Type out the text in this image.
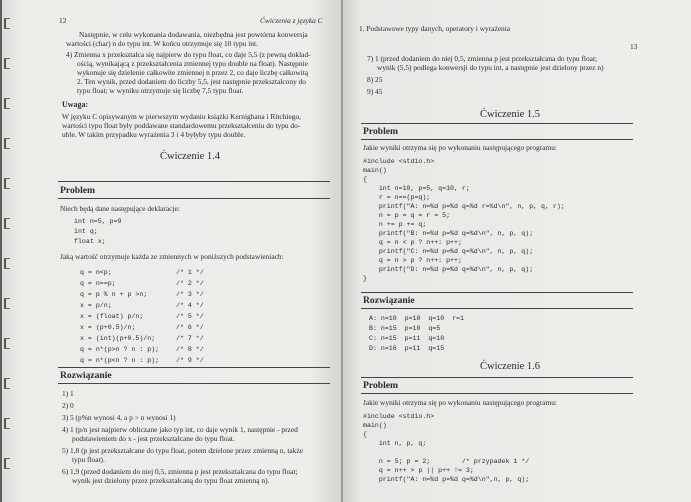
12	Ćwiczenia z języka C
Następnie, w celu wykonania dodawania, niezbędna jest powtórna konwersja
wartości (char) n do typu int. W końcu otrzymuje się 10 typu int.
4) Zmienna x przekształca się najpierw do typu float, co daje 5,5 (z pewną doklad-
ością, wynikającą z przekształcenia zmiennej typu double na float). Następnie
wykonuje się dzielenie całkowite zmiennej n przez 2, co daje liczbę całkowitą
2. Ten wynik, przed dodaniem do liczby 5,5, jest następnie przekształcony do
typu float; w wyniku otrzymuje się liczbę 7,5 typu float.
Uwaga:
W języku C opisywanym w pierwszym wydaniu książki Kernighana i Ritchiego,
wartości typu float były poddawane standardowemu przekształceniu do typu do-
uble. W takim przypadku wyrażenia 3 i 4 byłyby typu double.
Ćwiczenie 1.4
Problem
Niech będą dane następujące deklaracje:
int n=5, p=9
int q;
float x;
Jaką wartość otrzymuje każda ze zmiennych w poniższych podstawieniach:
q = n<p;	/* 1 */
q = n==p;	/* 2 */
q = p % n + p >n;	/* 3 */
x = p/n;	/* 4 */
x = (float) p/n;	/* 5 */
x = (p+0.5)/n;	/* 6 */
x = (int)(p+0.5)/n;	/* 7 */
q = n*(p>n ? n : p);	/* 8 */
q = n*(p<n ? n : p);	/* 9 */
Rozwiązanie
1) 1
2) 0
3) 5 (p%n wynosi 4, a p > n wynosi 1)
4) 1 (p/n jest najpierw obliczane jako typ int, co daje wynik 1, następnie - przed
podstawieniem do x - jest przekształcane do typu float.
5) 1,8 (p jest przekształcane do typu float, potem dzielone przez zmienną n, także
typu float).
6) 1,9 (przed dodaniem do niej 0,5, zmienna p jest przekształcana do typu float;
wynik jest dzielony przez przekształcaną do typu float zmienną n).
1. Podstawowe typy danych, operatory i wyrażenia
13
7) 1 (przed dodaniem do niej 0,5, zmienna p jest przekształcana do typu float;
wynik (5,5) podlega konwersji do typu int, a następnie jest dzielony przez n)
8) 25
9) 45
Ćwiczenie 1.5
Problem
Jakie wyniki otrzyma się po wykonaniu następującego programu:
#include <stdio.h>
main()
{
int n=10, p=5, q=10, r;
r = n==(p=q);
printf("A: n=%d p=%d q=%d r=%d\n", n, p, q, r);
n = p = q = r = 5;
n += p += q;
printf("B: n=%d p=%d q=%d\n", n, p, q);
q = n < p ? n++: p++;
printf("C: n=%d p=%d q=%d\n", n, p, q);
q = n > p ? n++: p++;
printf("D: n=%d p=%d q=%d\n", n, p, q);
}
Rozwiązanie
A: n=10  p=10  q=10  r=1
B: n=15  p=10  q=5
C: n=15  p=11  q=10
D: n=16  p=11  q=15
Ćwiczenie 1.6
Problem
Jakie wyniki otrzyma się po wykonaniu następującego programu:
#include <stdio.h>
main()
{
int n, p, q;
n = 5; p = 2;        /* przypadek 1 */
q = n++ > p || p++ != 3;
printf("A: n=%d p=%d q=%d\n",n, p, q);
